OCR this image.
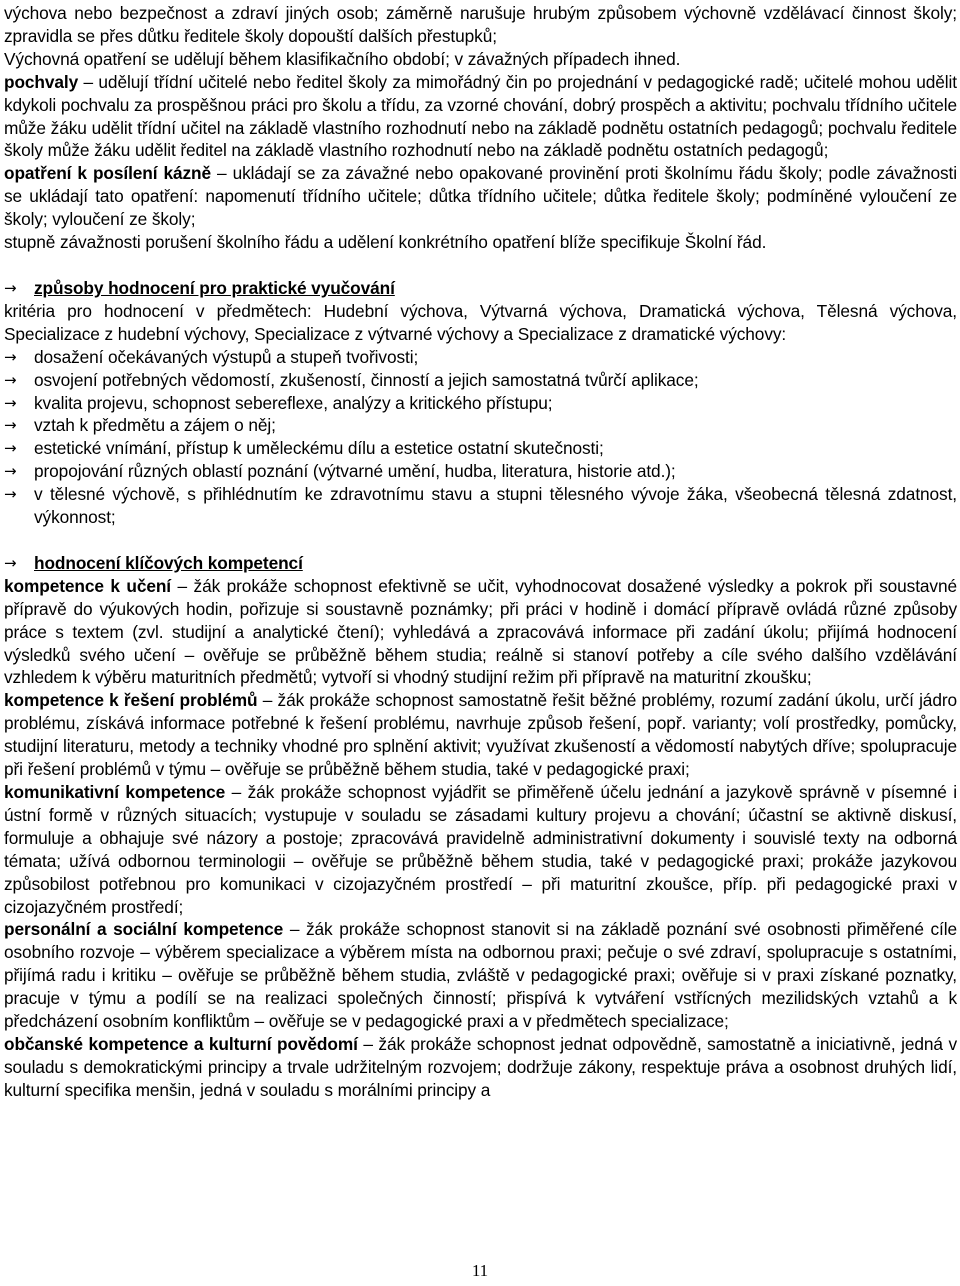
výchova nebo bezpečnost a zdraví jiných osob; záměrně narušuje hrubým způsobem výchovně vzdělávací činnost školy; zpravidla se přes důtku ředitele školy dopouští dalších přestupků;

Výchovná opatření se udělují během klasifikačního období; v závažných případech ihned.

pochvaly – udělují třídní učitelé nebo ředitel školy za mimořádný čin po projednání v pedagogické radě; učitelé mohou udělit kdykoli pochvalu za prospěšnou práci pro školu a třídu, za vzorné chování, dobrý prospěch a aktivitu; pochvalu třídního učitele může žáku udělit třídní učitel na základě vlastního rozhodnutí nebo na základě podnětu ostatních pedagogů; pochvalu ředitele školy může žáku udělit ředitel na základě vlastního rozhodnutí nebo na základě podnětu ostatních pedagogů;

opatření k posílení kázně – ukládají se za závažné nebo opakované provinění proti školnímu řádu školy; podle závažnosti se ukládají tato opatření: napomenutí třídního učitele; důtka třídního učitele; důtka ředitele školy; podmíněné vyloučení ze školy; vyloučení ze školy;

stupně závažnosti porušení školního řádu a udělení konkrétního opatření blíže specifikuje Školní řád.

→	způsoby hodnocení pro praktické vyučování

kritéria pro hodnocení v předmětech: Hudební výchova, Výtvarná výchova, Dramatická výchova, Tělesná výchova, Specializace z hudební výchovy, Specializace z výtvarné výchovy a Specializace z dramatické výchovy:

→	dosažení očekávaných výstupů a stupeň tvořivosti;

→	osvojení potřebných vědomostí, zkušeností, činností a jejich samostatná tvůrčí aplikace;

→	kvalita projevu, schopnost sebereflexe, analýzy a kritického přístupu;

→	vztah k předmětu a zájem o něj;

→	estetické vnímání, přístup k uměleckému dílu a estetice ostatní skutečnosti;

→	propojování různých oblastí poznání (výtvarné umění, hudba, literatura, historie atd.);

→	v tělesné výchově, s přihlédnutím ke zdravotnímu stavu a stupni tělesného vývoje žáka, všeobecná tělesná zdatnost, výkonnost;

→	hodnocení klíčových kompetencí

kompetence k učení – žák prokáže schopnost efektivně se učit, vyhodnocovat dosažené výsledky a pokrok při soustavné přípravě do výukových hodin, pořizuje si soustavně poznámky; při práci v hodině i domácí přípravě ovládá různé způsoby práce s textem (zvl. studijní a analytické čtení); vyhledává a zpracovává informace při zadání úkolu; přijímá hodnocení výsledků svého učení – ověřuje se průběžně během studia; reálně si stanoví potřeby a cíle svého dalšího vzdělávání vzhledem k výběru maturitních předmětů; vytvoří si vhodný studijní režim při přípravě na maturitní zkoušku;

kompetence k řešení problémů – žák prokáže schopnost samostatně řešit běžné problémy, rozumí zadání úkolu, určí jádro problému, získává informace potřebné k řešení problému, navrhuje způsob řešení, popř. varianty; volí prostředky, pomůcky, studijní literaturu, metody a techniky vhodné pro splnění aktivit; využívat zkušeností a vědomostí nabytých dříve; spolupracuje při řešení problémů v týmu – ověřuje se průběžně během studia, také v pedagogické praxi;

komunikativní kompetence – žák prokáže schopnost vyjádřit se přiměřeně účelu jednání a jazykově správně v písemné i ústní formě v různých situacích; vystupuje v souladu se zásadami kultury projevu a chování; účastní se aktivně diskusí, formuluje a obhajuje své názory a postoje; zpracovává pravidelně administrativní dokumenty i souvislé texty na odborná témata; užívá odbornou terminologii – ověřuje se průběžně během studia, také v pedagogické praxi; prokáže jazykovou způsobilost potřebnou pro komunikaci v cizojazyčném prostředí – při maturitní zkoušce, příp. při pedagogické praxi v cizojazyčném prostředí;

personální a sociální kompetence – žák prokáže schopnost stanovit si na základě poznání své osobnosti přiměřené cíle osobního rozvoje – výběrem specializace a výběrem místa na odbornou praxi; pečuje o své zdraví, spolupracuje s ostatními, přijímá radu i kritiku – ověřuje se průběžně během studia, zvláště v pedagogické praxi; ověřuje si v praxi získané poznatky, pracuje v týmu a podílí se na realizaci společných činností; přispívá k vytváření vstřícných mezilidských vztahů a k předcházení osobním konfliktům – ověřuje se v pedagogické praxi a v předmětech specializace;

občanské kompetence a kulturní povědomí – žák prokáže schopnost jednat odpovědně, samostatně a iniciativně, jedná v souladu s demokratickými principy a trvale udržitelným rozvojem; dodržuje zákony, respektuje práva a osobnost druhých lidí, kulturní specifika menšin, jedná v souladu s morálními principy a

11
